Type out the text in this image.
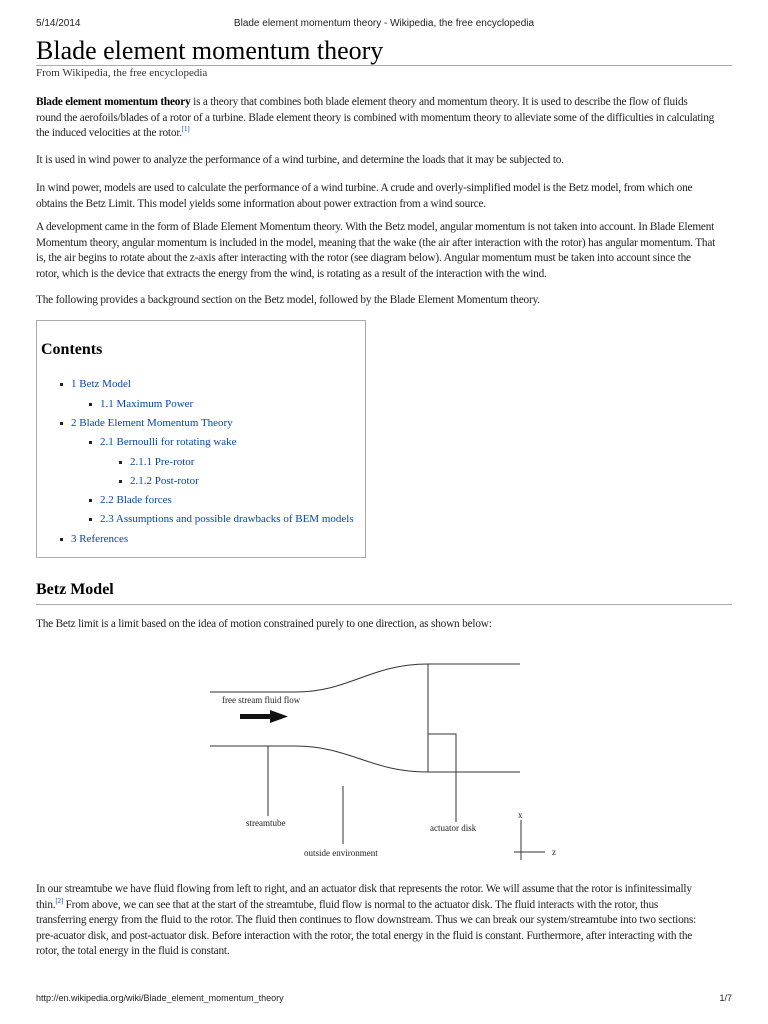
5/14/2014	Blade element momentum theory - Wikipedia, the free encyclopedia
Blade element momentum theory
From Wikipedia, the free encyclopedia
Blade element momentum theory is a theory that combines both blade element theory and momentum theory. It is used to describe the flow of fluids
round the aerofoils/blades of a rotor of a turbine. Blade element theory is combined with momentum theory to alleviate some of the difficulties in calculating
the induced velocities at the rotor.[1]
It is used in wind power to analyze the performance of a wind turbine, and determine the loads that it may be subjected to.
In wind power, models are used to calculate the performance of a wind turbine. A crude and overly-simplified model is the Betz model, from which one
obtains the Betz Limit. This model yields some information about power extraction from a wind source.
A development came in the form of Blade Element Momentum theory. With the Betz model, angular momentum is not taken into account. In Blade Element
Momentum theory, angular momentum is included in the model, meaning that the wake (the air after interaction with the rotor) has angular momentum. That
is, the air begins to rotate about the z-axis after interacting with the rotor (see diagram below). Angular momentum must be taken into account since the
rotor, which is the device that extracts the energy from the wind, is rotating as a result of the interaction with the wind.
The following provides a background section on the Betz model, followed by the Blade Element Momentum theory.
Contents
1 Betz Model
1.1 Maximum Power
2 Blade Element Momentum Theory
2.1 Bernoulli for rotating wake
2.1.1 Pre-rotor
2.1.2 Post-rotor
2.2 Blade forces
2.3 Assumptions and possible drawbacks of BEM models
3 References
Betz Model
The Betz limit is a limit based on the idea of motion constrained purely to one direction, as shown below:
free stream fluid flow
streamtube	actuator disk
outside environment
x
z
In our streamtube we have fluid flowing from left to right, and an actuator disk that represents the rotor. We will assume that the rotor is infinitessimally
thin.[2] From above, we can see that at the start of the streamtube, fluid flow is normal to the actuator disk. The fluid interacts with the rotor, thus
transferring energy from the fluid to the rotor. The fluid then continues to flow downstream. Thus we can break our system/streamtube into two sections:
pre-acuator disk, and post-actuator disk. Before interaction with the rotor, the total energy in the fluid is constant. Furthermore, after interacting with the
rotor, the total energy in the fluid is constant.
http://en.wikipedia.org/wiki/Blade_element_momentum_theory	1/7
